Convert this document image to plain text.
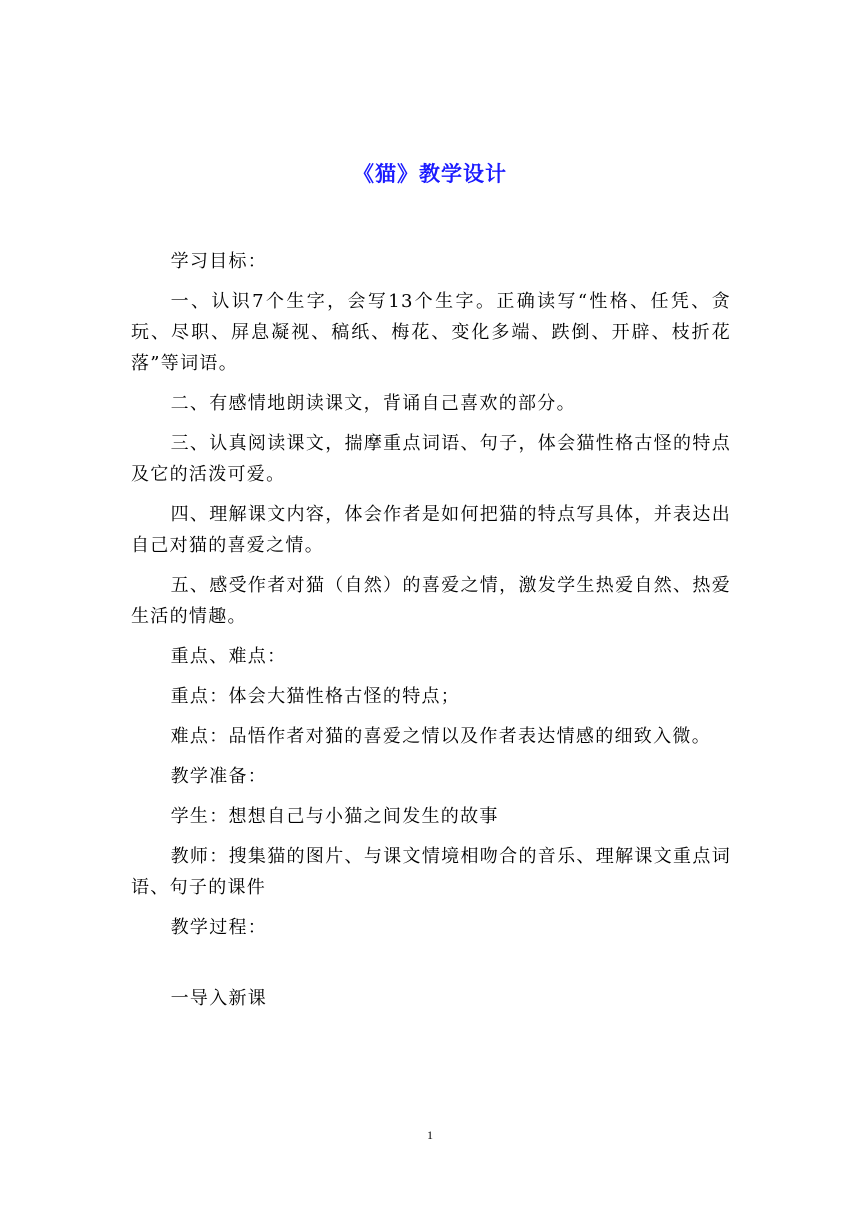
《猫》教学设计

学习目标：

一、认识7个生字，会写13个生字。正确读写“性格、任凭、贪玩、尽职、屏息凝视、稿纸、梅花、变化多端、跌倒、开辟、枝折花落”等词语。

二、有感情地朗读课文，背诵自己喜欢的部分。

三、认真阅读课文，揣摩重点词语、句子，体会猫性格古怪的特点及它的活泼可爱。

四、理解课文内容，体会作者是如何把猫的特点写具体，并表达出自己对猫的喜爱之情。

五、感受作者对猫（自然）的喜爱之情，激发学生热爱自然、热爱生活的情趣。

重点、难点：

重点：体会大猫性格古怪的特点；

难点：品悟作者对猫的喜爱之情以及作者表达情感的细致入微。

教学准备：

学生：想想自己与小猫之间发生的故事

教师：搜集猫的图片、与课文情境相吻合的音乐、理解课文重点词语、句子的课件

教学过程：

一导入新课

1
